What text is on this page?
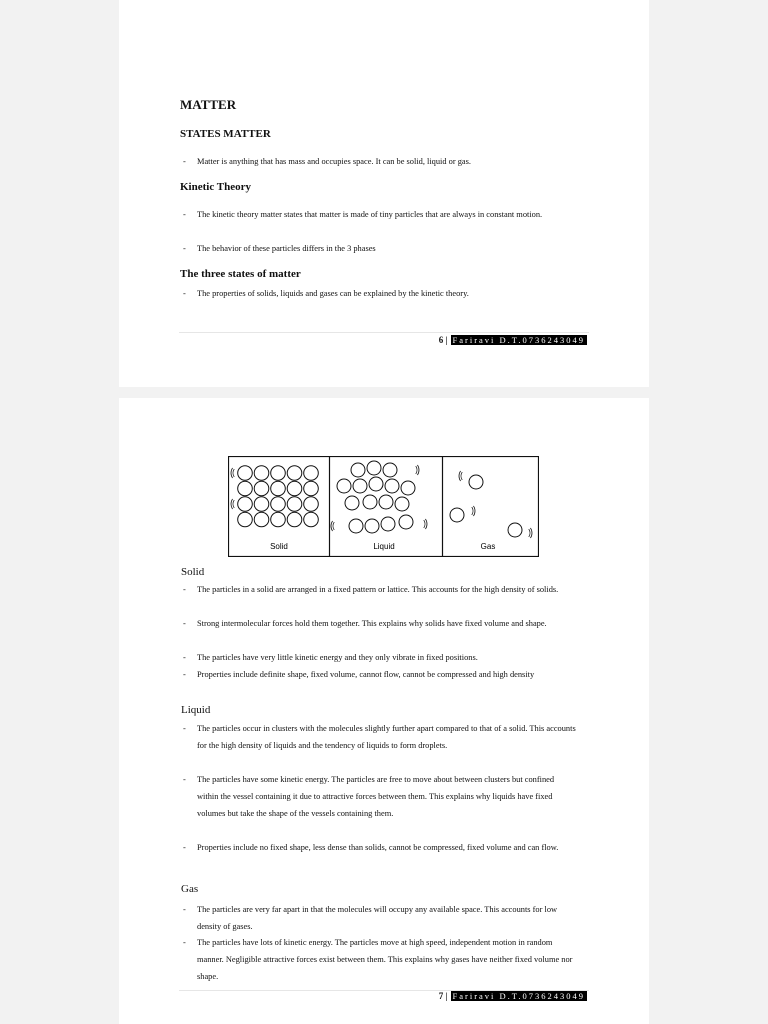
MATTER
STATES MATTER
- Matter is anything that has mass and occupies space. It can be solid, liquid or gas.
Kinetic Theory
- The kinetic theory matter states that matter is made of tiny particles that are always in constant motion.
- The behavior of these particles differs in the 3 phases
The three states of matter
- The properties of solids, liquids and gases can be explained by the kinetic theory.
6 | Fariravi D.T.0736243049
Solid	Liquid	Gas
Solid
- The particles in a solid are arranged in a fixed pattern or lattice. This accounts for the high density of solids.
- Strong intermolecular forces hold them together. This explains why solids have fixed volume and shape.
- The particles have very little kinetic energy and they only vibrate in fixed positions.
- Properties include definite shape, fixed volume, cannot flow, cannot be compressed and high density
Liquid
- The particles occur in clusters with the molecules slightly further apart compared to that of a solid. This accounts for the high density of liquids and the tendency of liquids to form droplets.
- The particles have some kinetic energy. The particles are free to move about between clusters but confined within the vessel containing it due to attractive forces between them. This explains why liquids have fixed volumes but take the shape of the vessels containing them.
- Properties include no fixed shape, less dense than solids, cannot be compressed, fixed volume and can flow.
Gas
- The particles are very far apart in that the molecules will occupy any available space. This accounts for low density of gases.
- The particles have lots of kinetic energy. The particles move at high speed, independent motion in random manner. Negligible attractive forces exist between them. This explains why gases have neither fixed volume nor shape.
7 | Fariravi D.T.0736243049
